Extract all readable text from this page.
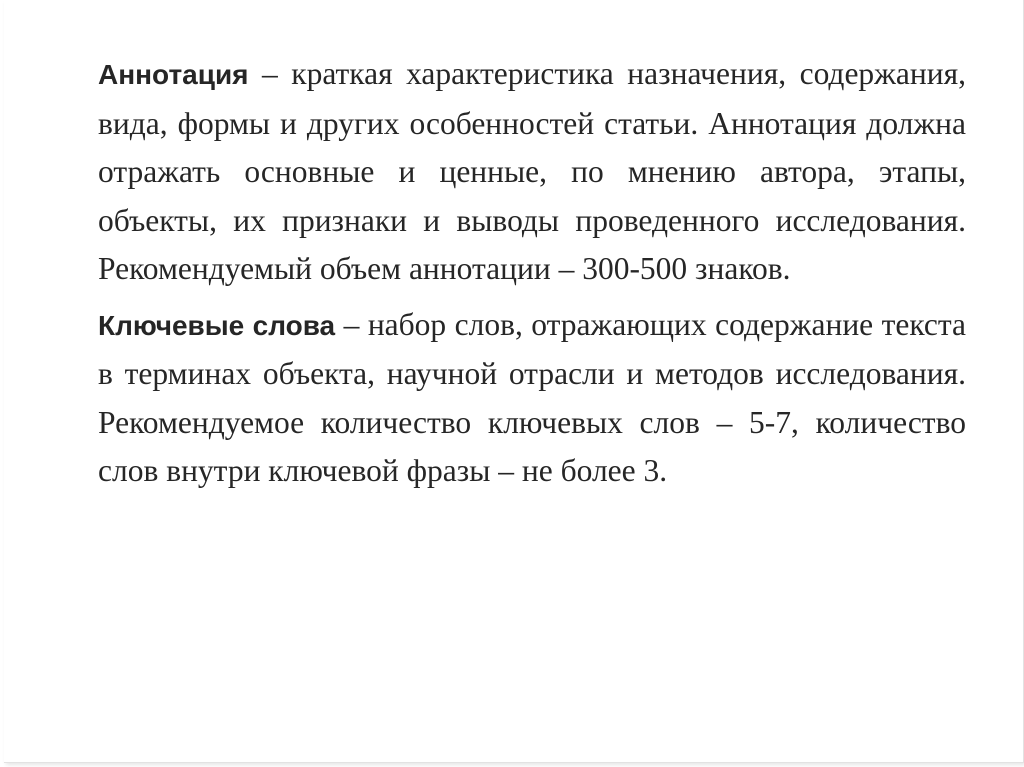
Аннотация – краткая характеристика назначения, содержания, вида, формы и других особенностей статьи. Аннотация должна отражать основные и ценные, по мнению автора, этапы, объекты, их признаки и выводы проведенного исследования. Рекомендуемый объем аннотации – 300-500 знаков.

Ключевые слова – набор слов, отражающих содержание текста в терминах объекта, научной отрасли и методов исследования. Рекомендуемое количество ключевых слов – 5-7, количество слов внутри ключевой фразы – не более 3.
